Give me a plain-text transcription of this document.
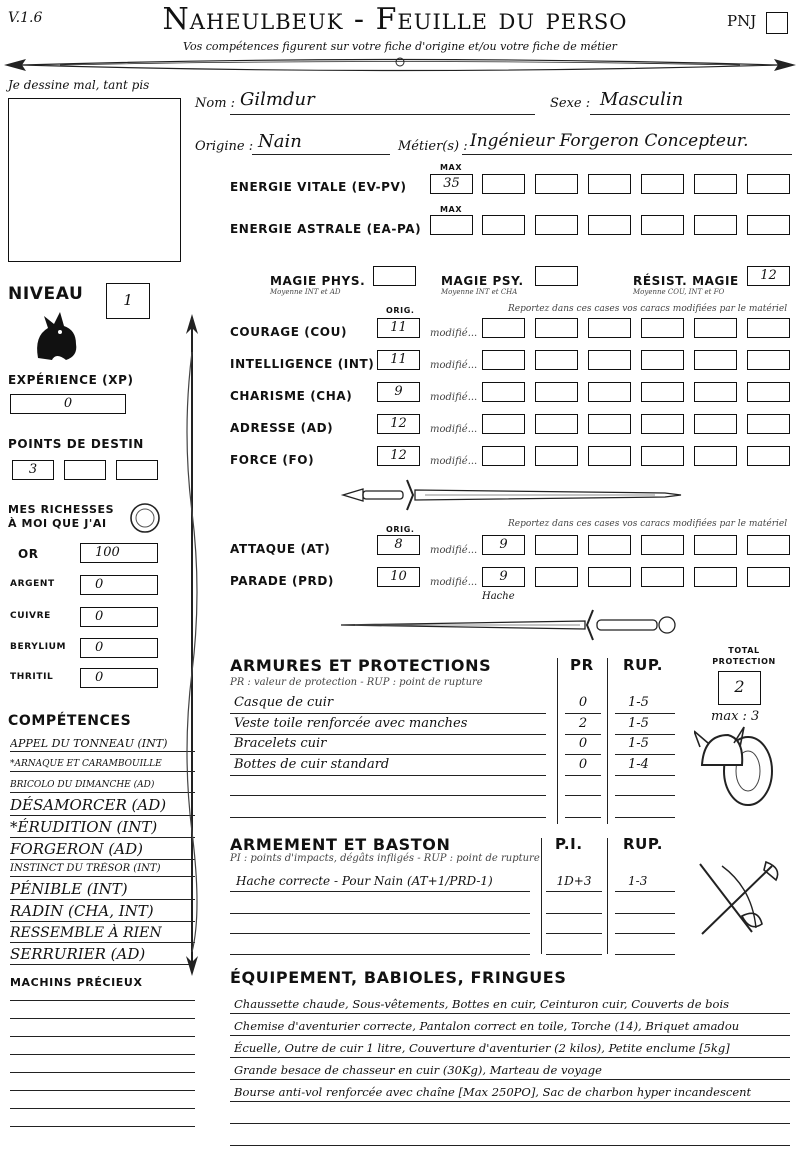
V.1.6	Naheulbeuk - Feuille du perso
Vos compétences figurent sur votre fiche d'origine et/ou votre fiche de métier
PNJ
Je dessine mal, tant pis
Nom : Gilmdur	Sexe : Masculin
Origine : Nain	Métier(s) : Ingénieur Forgeron Concepteur.
MAX
ENERGIE VITALE (EV-PV)	35
MAX
ENERGIE ASTRALE (EA-PA)
MAGIE PHYS.
Moyenne INT et AD
MAGIE PSY.
Moyenne INT et CHA
RÉSIST. MAGIE
Moyenne COU, INT et FO
12
ORIG.	Reportez dans ces cases vos caracs modifiées par le matériel
COURAGE (COU)	11	modifié...
INTELLIGENCE (INT)	11	modifié...
CHARISME (CHA)	9	modifié...
ADRESSE (AD)	12	modifié...
FORCE (FO)	12	modifié...
ORIG.
Reportez dans ces cases vos caracs modifiées par le matériel
ATTAQUE (AT)	8	modifié...	9
PARADE (PRD)	10	modifié...	9
Hache
NIVEAU	1
EXPÉRIENCE (XP)
0
POINTS DE DESTIN
3
MES RICHESSES
À MOI QUE J'AI
OR	100
ARGENT	0
CUIVRE	0
BERYLIUM	0
THRITIL	0
COMPÉTENCES
APPEL DU TONNEAU (INT)
*ARNAQUE ET CARAMBOUILLE
BRICOLO DU DIMANCHE (AD)
DÉSAMORCER (AD)
*ÉRUDITION (INT)
FORGERON (AD)
INSTINCT DU TRÉSOR (INT)
PÉNIBLE (INT)
RADIN (CHA, INT)
RESSEMBLE À RIEN
SERRURIER (AD)
MACHINS PRÉCIEUX
ARMURES ET PROTECTIONS	PR RUP.
PR : valeur de protection - RUP : point de rupture
Casque de cuir	0	1-5
Veste toile renforcée avec manches	2	1-5
Bracelets cuir	0	1-5
Bottes de cuir standard	0	1-4
TOTAL
PROTECTION
2
max : 3
ARMEMENT ET BASTON	P.I.	RUP.
PI : points d'impacts, dégâts infligés - RUP : point de rupture
Hache correcte - Pour Nain (AT+1/PRD-1)	1D+3	1-3
ÉQUIPEMENT, BABIOLES, FRINGUES
Chaussette chaude, Sous-vêtements, Bottes en cuir, Ceinturon cuir, Couverts de bois
Chemise d'aventurier correcte, Pantalon correct en toile, Torche (14), Briquet amadou
Écuelle, Outre de cuir 1 litre, Couverture d'aventurier (2 kilos), Petite enclume [5kg]
Grande besace de chasseur en cuir (30Kg), Marteau de voyage
Bourse anti-vol renforcée avec chaîne [Max 250PO], Sac de charbon hyper incandescent
